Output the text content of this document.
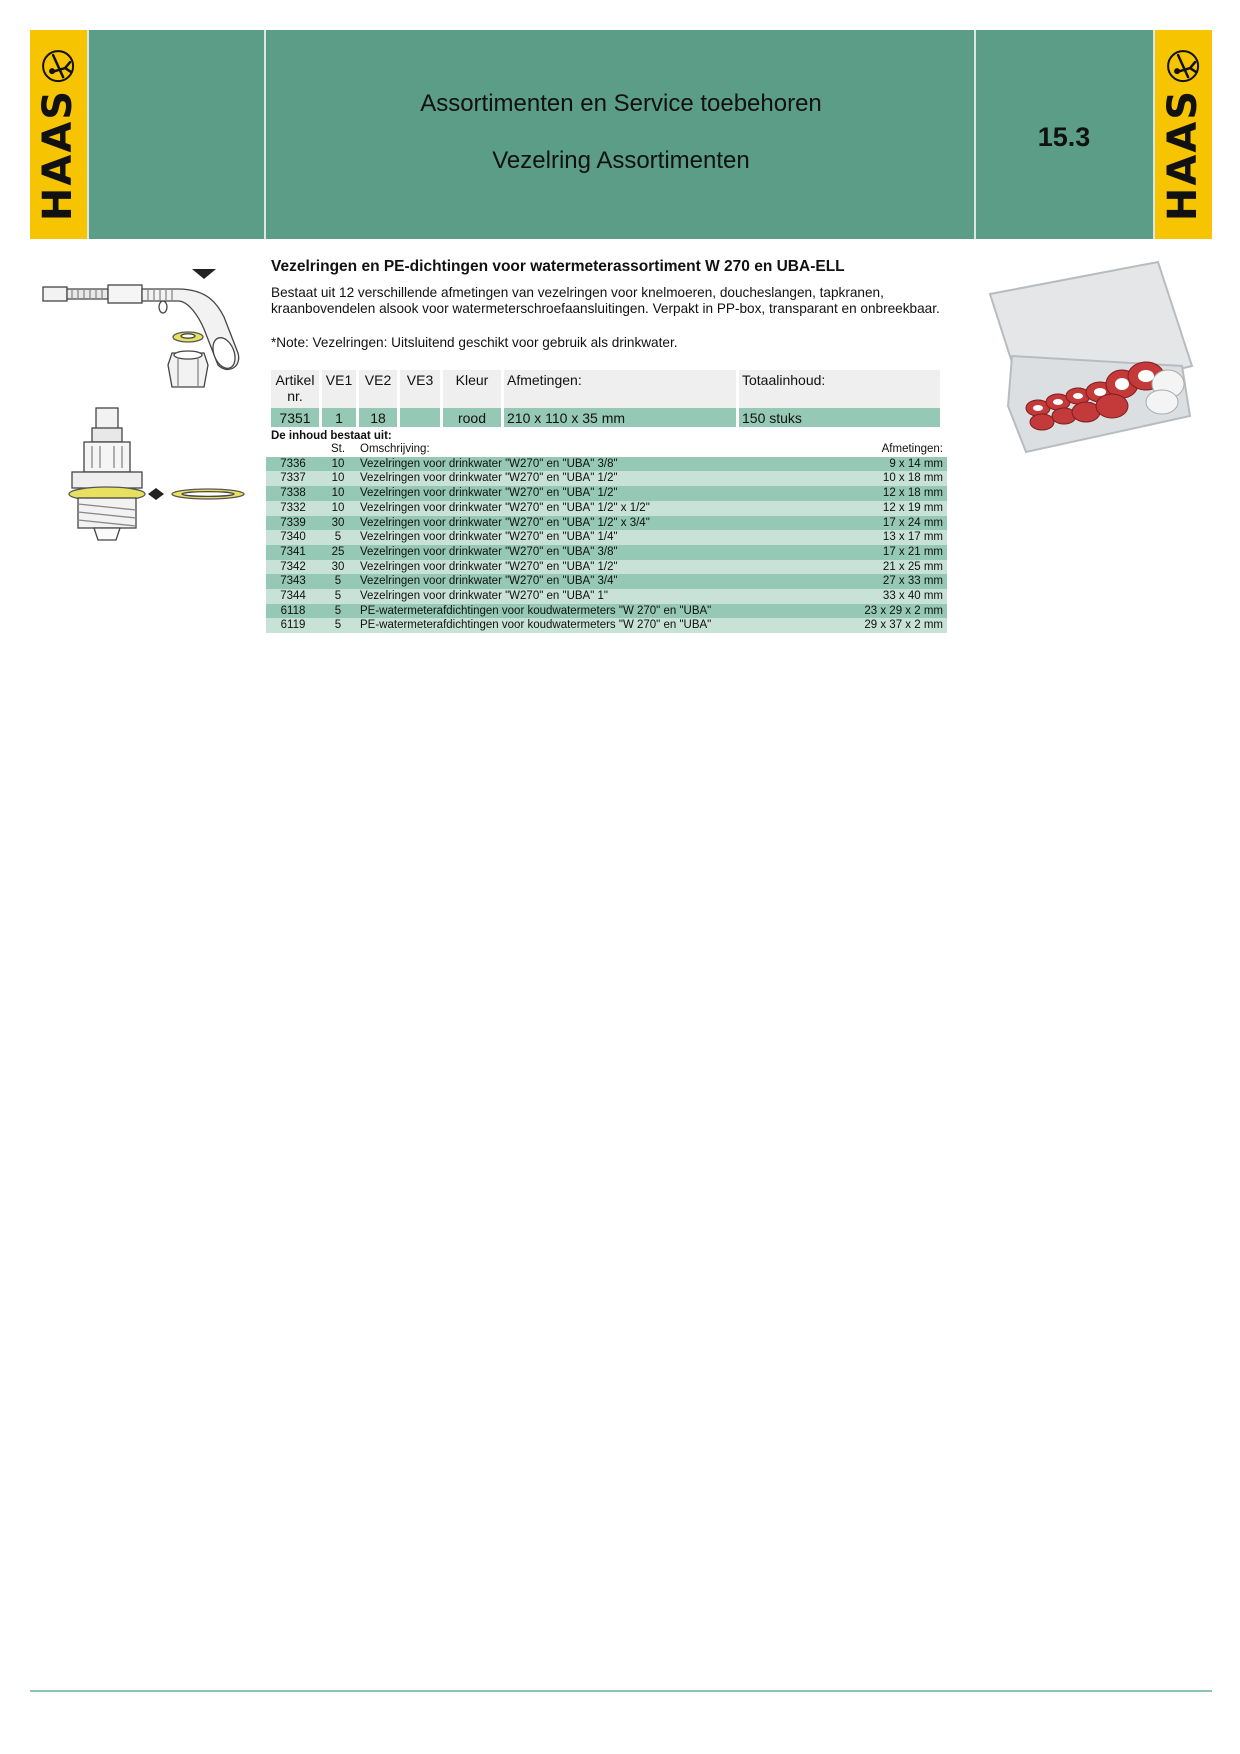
HAAS	Assortimenten en Service toebehoren
Vezelring Assortimenten
15.3	HAAS
Vezelringen en PE-dichtingen voor watermeterassortiment W 270 en UBA-ELL
Bestaat uit 12 verschillende afmetingen van vezelringen voor knelmoeren, doucheslangen, tapkranen, kraanbovendelen alsook voor watermeterschroefaansluitingen. Verpakt in PP-box, transparant en onbreekbaar.
*Note: Vezelringen: Uitsluitend geschikt voor gebruik als drinkwater.
Artikel nr.	VE1	VE2	VE3	Kleur	Afmetingen:	Totaalinhoud:
7351	1	18		rood	210 x 110 x 35 mm	150 stuks
De inhoud bestaat uit:
	St.	Omschrijving:	Afmetingen:
7336	10	Vezelringen voor drinkwater "W270" en "UBA" 3/8"	9 x 14 mm
7337	10	Vezelringen voor drinkwater "W270" en "UBA" 1/2"	10 x 18 mm
7338	10	Vezelringen voor drinkwater "W270" en "UBA" 1/2"	12 x 18 mm
7332	10	Vezelringen voor drinkwater "W270" en "UBA" 1/2" x 1/2"	12 x 19 mm
7339	30	Vezelringen voor drinkwater "W270" en "UBA" 1/2" x 3/4"	17 x 24 mm
7340	5	Vezelringen voor drinkwater "W270" en "UBA" 1/4"	13 x 17 mm
7341	25	Vezelringen voor drinkwater "W270" en "UBA" 3/8"	17 x 21 mm
7342	30	Vezelringen voor drinkwater "W270" en "UBA" 1/2"	21 x 25 mm
7343	5	Vezelringen voor drinkwater "W270" en "UBA" 3/4"	27 x 33 mm
7344	5	Vezelringen voor drinkwater "W270" en "UBA" 1"	33 x 40 mm
6118	5	PE-watermeterafdichtingen voor koudwatermeters "W 270" en "UBA"	23 x 29 x 2 mm
6119	5	PE-watermeterafdichtingen voor koudwatermeters "W 270" en "UBA"	29 x 37 x 2 mm
